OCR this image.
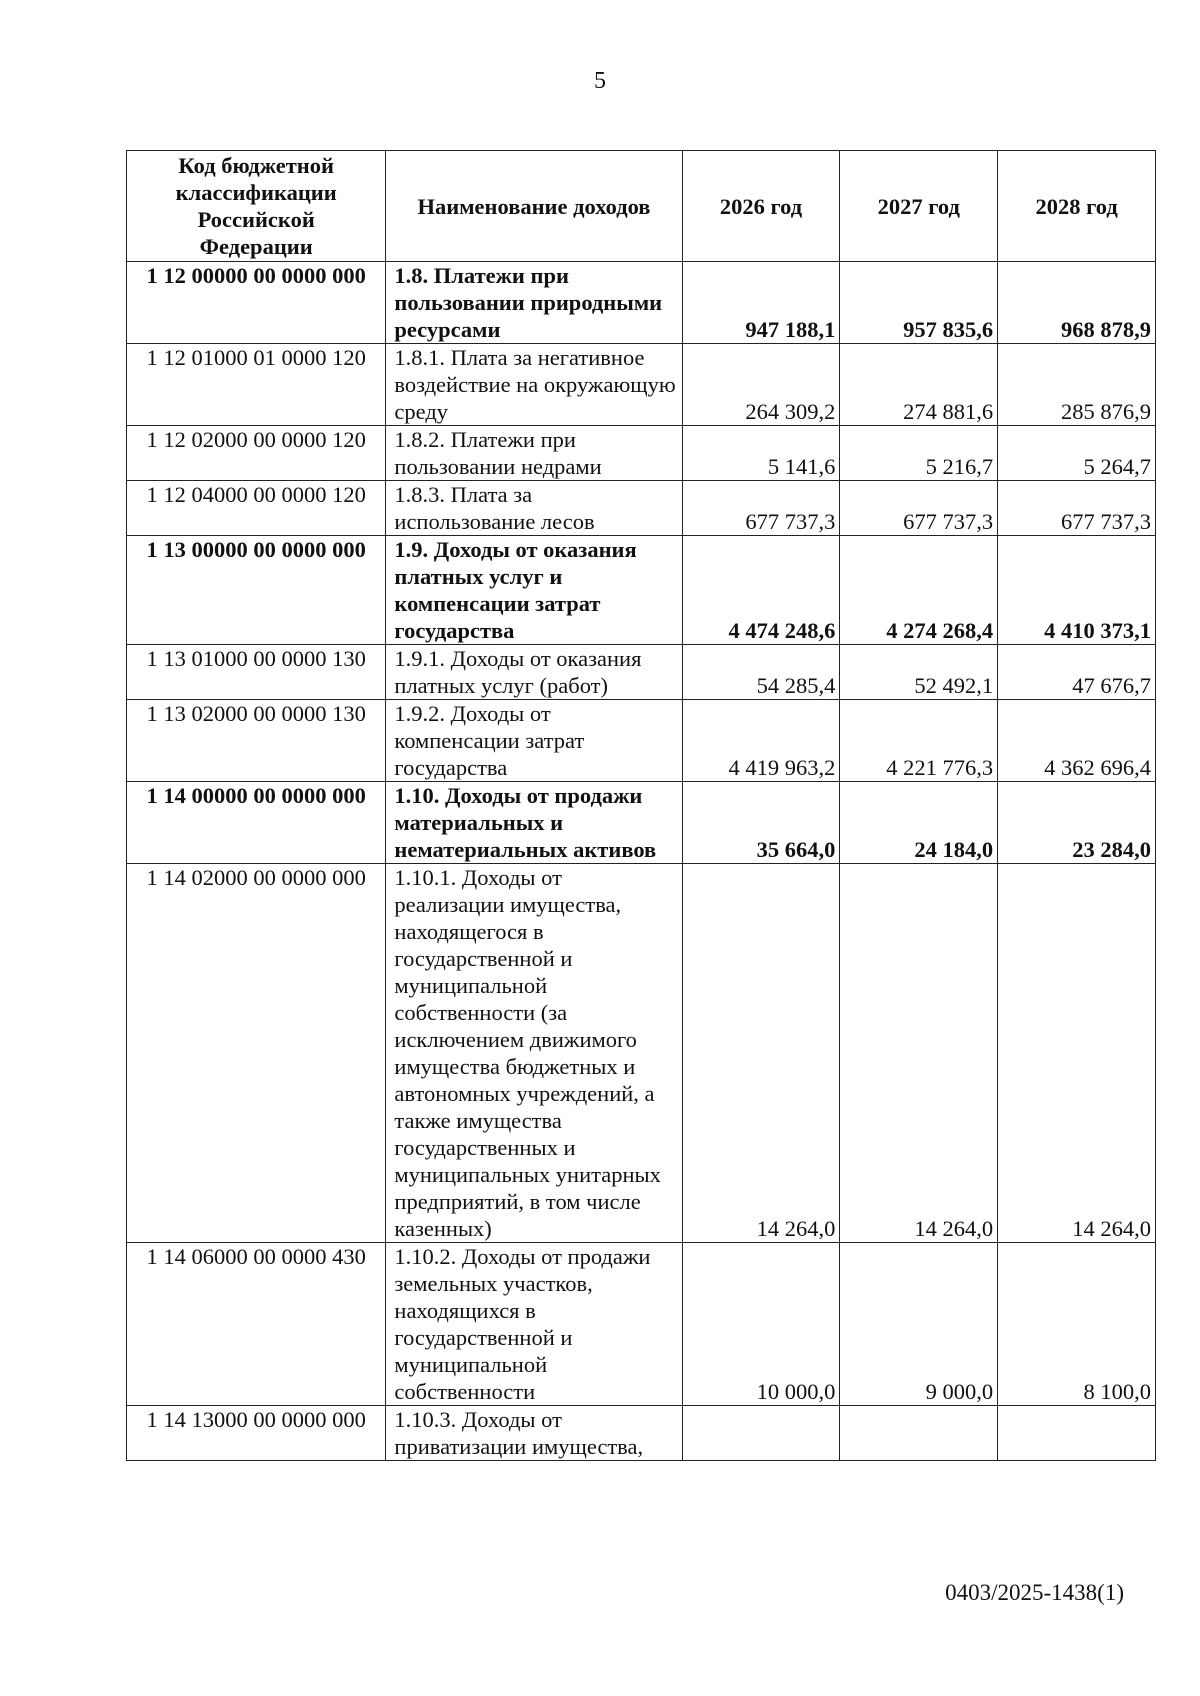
5
Код бюджетной
классификации
Российской
Федерации	Наименование доходов	2026 год	2027 год	2028 год
1 12 00000 00 0000 000	1.8. Платежи при пользовании природными ресурсами	947 188,1	957 835,6	968 878,9
1 12 01000 01 0000 120	1.8.1. Плата за негативное воздействие на окружающую среду	264 309,2	274 881,6	285 876,9
1 12 02000 00 0000 120	1.8.2. Платежи при пользовании недрами	5 141,6	5 216,7	5 264,7
1 12 04000 00 0000 120	1.8.3. Плата за использование лесов	677 737,3	677 737,3	677 737,3
1 13 00000 00 0000 000	1.9. Доходы от оказания платных услуг и компенсации затрат государства	4 474 248,6	4 274 268,4	4 410 373,1
1 13 01000 00 0000 130	1.9.1. Доходы от оказания платных услуг (работ)	54 285,4	52 492,1	47 676,7
1 13 02000 00 0000 130	1.9.2. Доходы от компенсации затрат государства	4 419 963,2	4 221 776,3	4 362 696,4
1 14 00000 00 0000 000	1.10. Доходы от продажи материальных и нематериальных активов	35 664,0	24 184,0	23 284,0
1 14 02000 00 0000 000	1.10.1. Доходы от реализации имущества, находящегося в государственной и муниципальной собственности (за исключением движимого имущества бюджетных и автономных учреждений, а также имущества государственных и муниципальных унитарных предприятий, в том числе казенных)	14 264,0	14 264,0	14 264,0
1 14 06000 00 0000 430	1.10.2. Доходы от продажи земельных участков, находящихся в государственной и муниципальной собственности	10 000,0	9 000,0	8 100,0
1 14 13000 00 0000 000	1.10.3. Доходы от приватизации имущества,			
0403/2025-1438(1)
